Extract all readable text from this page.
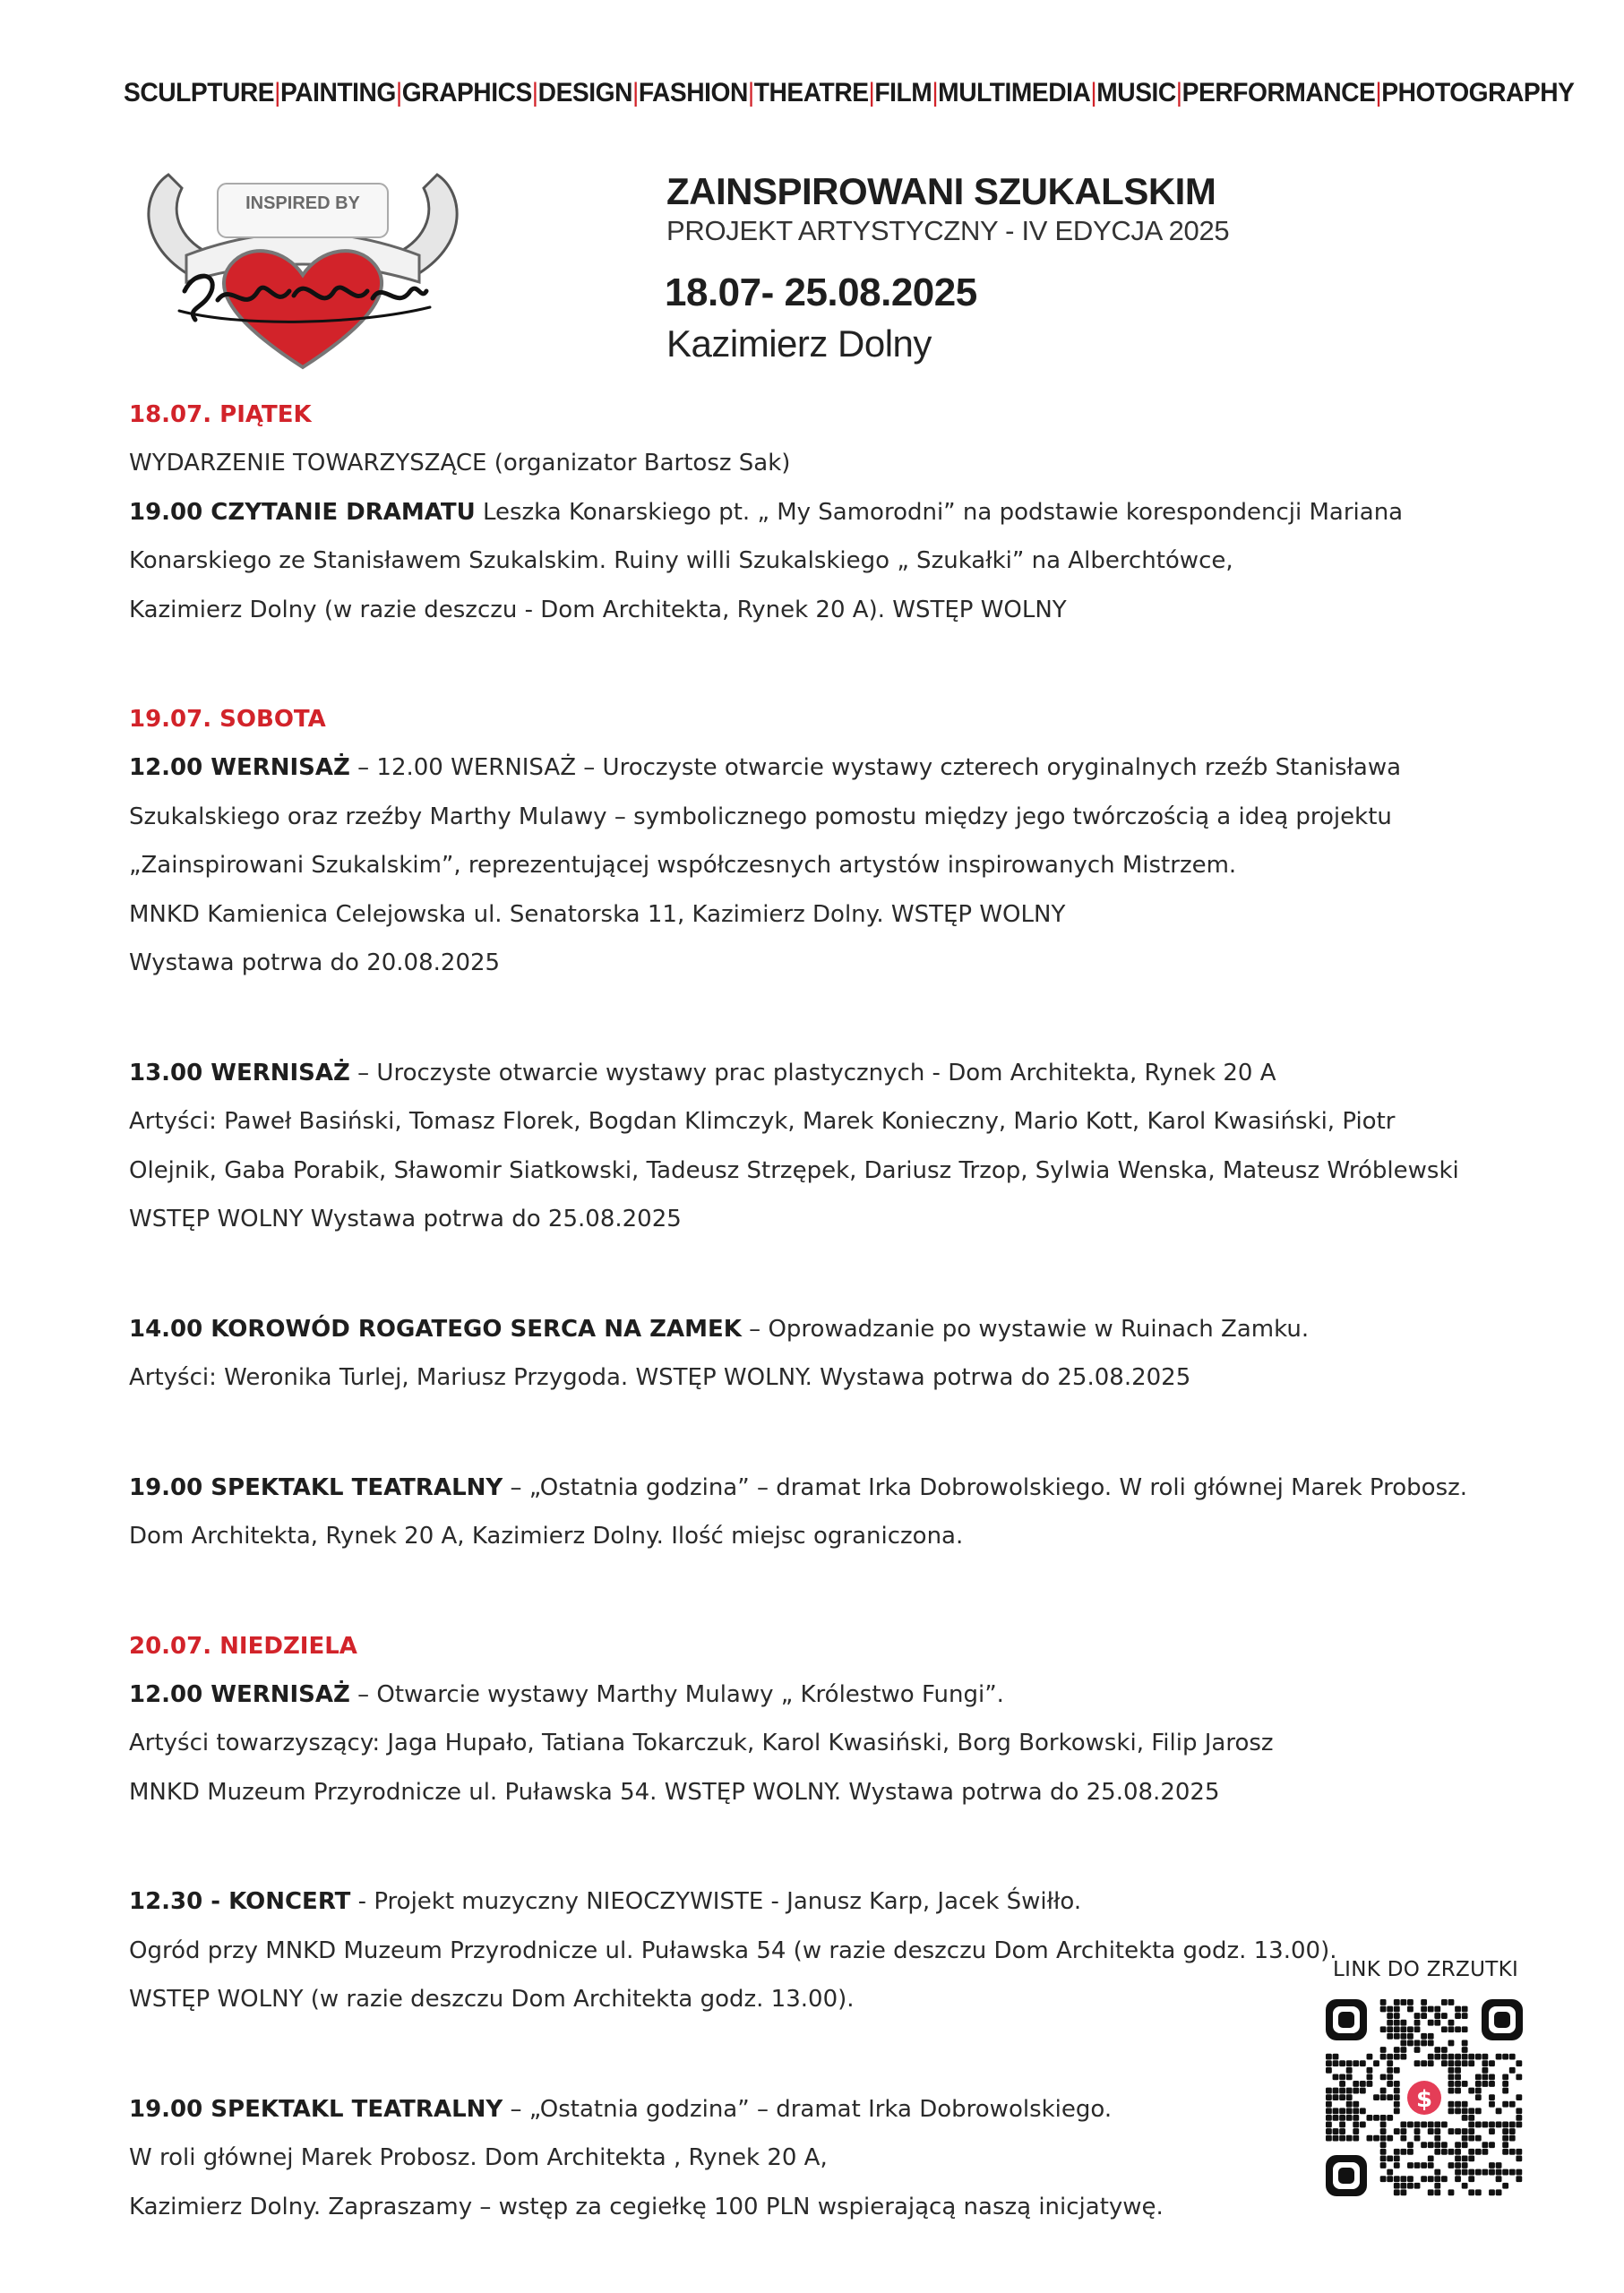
SCULPTURE | PAINTING | GRAPHICS | DESIGN | FASHION | THEATRE | FILM | MULTIMEDIA | MUSIC | PERFORMANCE | PHOTOGRAPHY
INSPIRED BY	ZAINSPIROWANI SZUKALSKIM
PROJEKT ARTYSTYCZNY - IV EDYCJA 2025
18.07- 25.08.2025
Kazimierz Dolny
18.07. PIĄTEK
WYDARZENIE TOWARZYSZĄCE (organizator Bartosz Sak)
19.00 CZYTANIE DRAMATU Leszka Konarskiego pt. „ My Samorodni” na podstawie korespondencji Mariana
Konarskiego ze Stanisławem Szukalskim. Ruiny willi Szukalskiego „ Szukałki” na Alberchtówce,
Kazimierz Dolny (w razie deszczu - Dom Architekta, Rynek 20 A). WSTĘP WOLNY
19.07. SOBOTA
12.00 WERNISAŻ – 12.00 WERNISAŻ – Uroczyste otwarcie wystawy czterech oryginalnych rzeźb Stanisława
Szukalskiego oraz rzeźby Marthy Mulawy – symbolicznego pomostu między jego twórczością a ideą projektu
„Zainspirowani Szukalskim”, reprezentującej współczesnych artystów inspirowanych Mistrzem.
MNKD Kamienica Celejowska ul. Senatorska 11, Kazimierz Dolny. WSTĘP WOLNY
Wystawa potrwa do 20.08.2025
13.00 WERNISAŻ – Uroczyste otwarcie wystawy prac plastycznych - Dom Architekta, Rynek 20 A
Artyści: Paweł Basiński, Tomasz Florek, Bogdan Klimczyk, Marek Konieczny, Mario Kott, Karol Kwasiński, Piotr
Olejnik, Gaba Porabik, Sławomir Siatkowski, Tadeusz Strzępek, Dariusz Trzop, Sylwia Wenska, Mateusz Wróblewski
WSTĘP WOLNY Wystawa potrwa do 25.08.2025
14.00 KOROWÓD ROGATEGO SERCA NA ZAMEK – Oprowadzanie po wystawie w Ruinach Zamku.
Artyści: Weronika Turlej, Mariusz Przygoda. WSTĘP WOLNY. Wystawa potrwa do 25.08.2025
19.00 SPEKTAKL TEATRALNY – „Ostatnia godzina” – dramat Irka Dobrowolskiego. W roli głównej Marek Probosz.
Dom Architekta, Rynek 20 A, Kazimierz Dolny. Ilość miejsc ograniczona.
20.07. NIEDZIELA
12.00 WERNISAŻ – Otwarcie wystawy Marthy Mulawy „ Królestwo Fungi”.
Artyści towarzyszący: Jaga Hupało, Tatiana Tokarczuk, Karol Kwasiński, Borg Borkowski, Filip Jarosz
MNKD Muzeum Przyrodnicze ul. Puławska 54. WSTĘP WOLNY. Wystawa potrwa do 25.08.2025
12.30 - KONCERT - Projekt muzyczny NIEOCZYWISTE - Janusz Karp, Jacek Świłło.
Ogród przy MNKD Muzeum Przyrodnicze ul. Puławska 54 (w razie deszczu Dom Architekta godz. 13.00).
WSTĘP WOLNY (w razie deszczu Dom Architekta godz. 13.00).
19.00 SPEKTAKL TEATRALNY – „Ostatnia godzina” – dramat Irka Dobrowolskiego.
W roli głównej Marek Probosz. Dom Architekta , Rynek 20 A,
Kazimierz Dolny. Zapraszamy – wstęp za cegiełkę 100 PLN wspierającą naszą inicjatywę.
LINK DO ZRZUTKI
$
